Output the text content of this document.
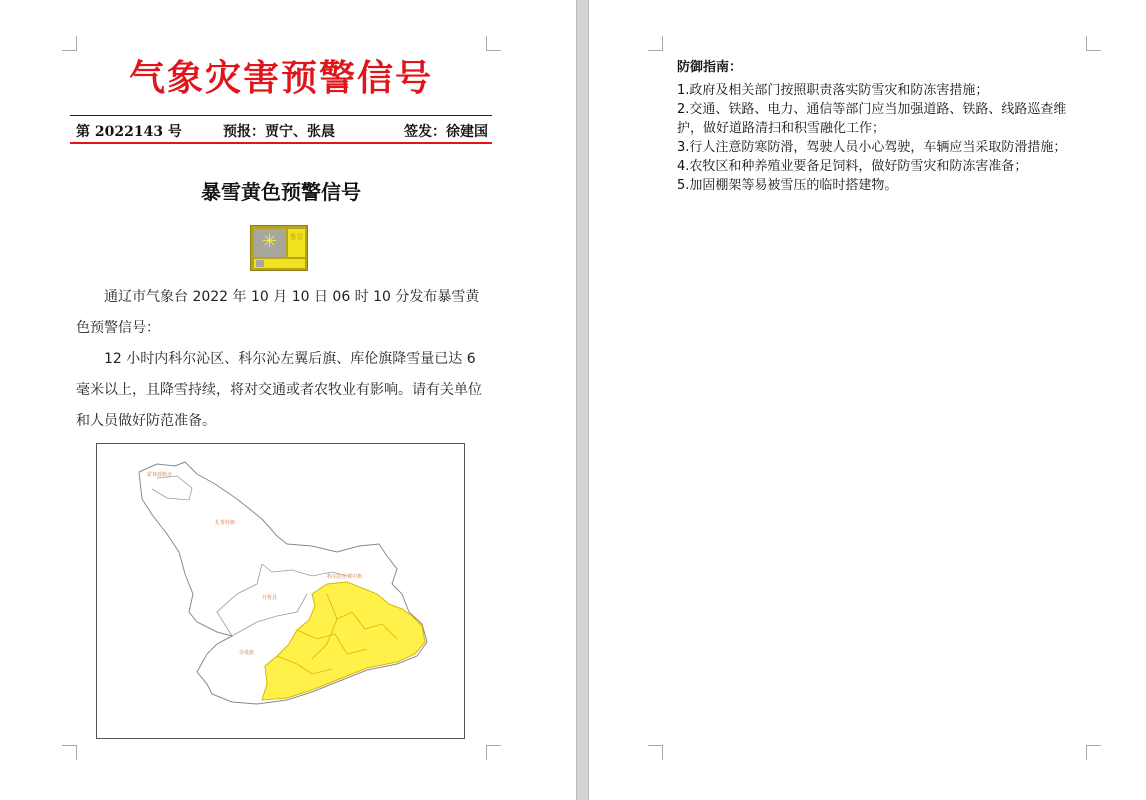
气象灾害预警信号
第 2022143 号	预报：贾宁、张晨	签发：徐建国
暴雪黄色预警信号
✳
暴雪
通辽市气象台 2022 年 10 月 10 日 06 时 10 分发布暴雪黄色预警信号：
12 小时内科尔沁区、科尔沁左翼后旗、库伦旗降雪量已达 6 毫米以上，且降雪持续，将对交通或者农牧业有影响。请有关单位和人员做好防范准备。
霍林郭勒市
扎鲁特旗
科尔沁左翼中旗
开鲁县
奈曼旗
防御指南：

1.政府及相关部门按照职责落实防雪灾和防冻害措施；

2.交通、铁路、电力、通信等部门应当加强道路、铁路、线路巡查维护，做好道路清扫和积雪融化工作；

3.行人注意防寒防滑，驾驶人员小心驾驶，车辆应当采取防滑措施；

4.农牧区和种养殖业要备足饲料，做好防雪灾和防冻害准备；

5.加固棚架等易被雪压的临时搭建物。
